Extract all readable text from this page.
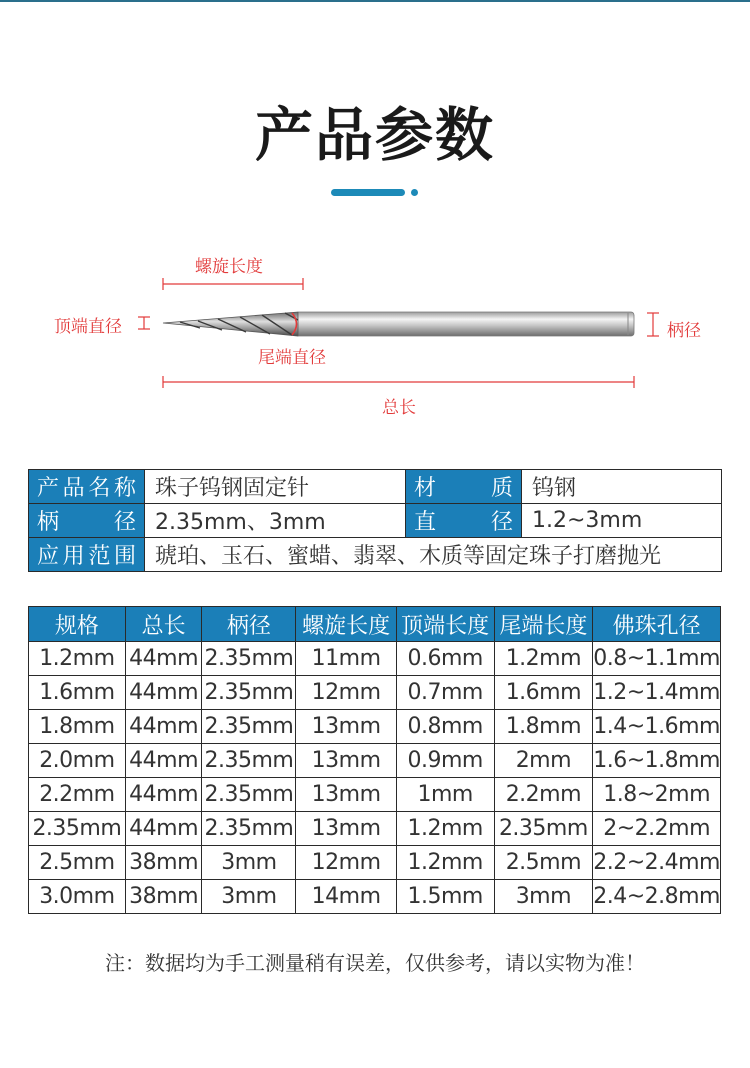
产品参数
螺旋长度
顶端直径
尾端直径
柄径
总长
产品名称	珠子钨钢固定针	材质	钨钢

柄径	2.35mm、3mm	直径	1.2~3mm

应用范围	琥珀、玉石、蜜蜡、翡翠、木质等固定珠子打磨抛光		
规格	总长	柄径	螺旋长度	顶端长度	尾端长度	佛珠孔径
1.2mm	44mm	2.35mm	11mm	0.6mm	1.2mm	0.8~1.1mm
1.6mm	44mm	2.35mm	12mm	0.7mm	1.6mm	1.2~1.4mm
1.8mm	44mm	2.35mm	13mm	0.8mm	1.8mm	1.4~1.6mm
2.0mm	44mm	2.35mm	13mm	0.9mm	2mm	1.6~1.8mm
2.2mm	44mm	2.35mm	13mm	1mm	2.2mm	1.8~2mm
2.35mm	44mm	2.35mm	13mm	1.2mm	2.35mm	2~2.2mm
2.5mm	38mm	3mm	12mm	1.2mm	2.5mm	2.2~2.4mm
3.0mm	38mm	3mm	14mm	1.5mm	3mm	2.4~2.8mm
注：数据均为手工测量稍有误差，仅供参考，请以实物为准！
